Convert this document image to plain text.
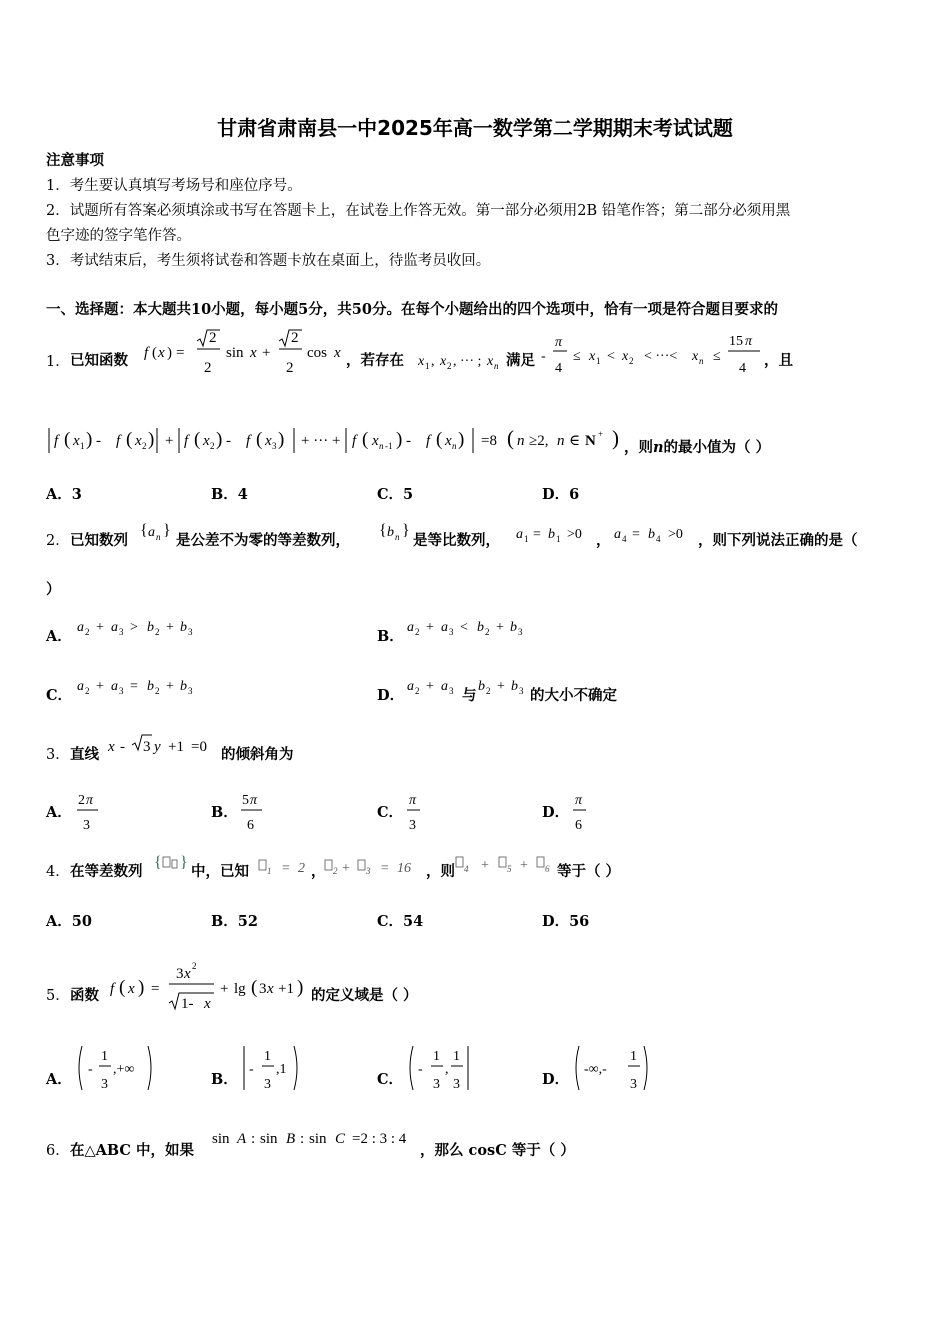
甘肃省肃南县一中2025年高一数学第二学期期末考试试题
注意事项
1．考生要认真填写考场号和座位序号。
2．试题所有答案必须填涂或书写在答题卡上，在试卷上作答无效。第一部分必须用2B 铅笔作答；第二部分必须用黑
色字迹的签字笔作答。
3．考试结束后，考生须将试卷和答题卡放在桌面上，待监考员收回。
一、选择题：本大题共10小题，每小题5分，共50分。在每个小题给出的四个选项中，恰有一项是符合题目要求的
f ( x ) =
2
2
sin x +
2
2
cos x
x 1 , x 2 , ··· ; x n
-
π
4
≤ x 1 < x 2 < ···< x n ≤
15 π
4
f ( x 1 ) - f ( x 2 ) + f ( x 2 ) - f ( x 3 ) + ··· + f ( x n -1 ) - f ( x n ) =8 ( n ≥2, n ∈ N + )
{ a n }	{ b n }	a 1 = b 1 >0 a 4 = b 4 >0
a 2 + a 3 > b 2 + b 3	a 2 + a 3 < b 2 + b 3
a 2 + a 3 = b 2 + b 3	a 2 + a 3 b 2 + b 3
x - 3 y +1 =0
2 π
3
5 π
6
π
3
π
6
{ }	1 = 2	2 + 3 = 16	4 + 5 + 6
f ( x ) =
3 x 2
1- x
+ lg ( 3 x +1 )
-
1
3
,+∞	-
1
3
,1	-
1
3
,
1
3
-∞,-
1
3
sin A : sin B : sin C =2 : 3 : 4
1． 已知函数	，若存在	满足	，且
，则n的最小值为（ ）
A．3	B．4	C．5	D．6
2． 已知数列	是公差不为零的等差数列，	是等比数列，	，	，则下列说法正确的是（
）
A．	B．
C．	D．	与	的大小不确定
3． 直线	的倾斜角为
A．	B．	C．	D．
4． 在等差数列	中，已知	，	，则	等于（ ）
A．50	B．52	C．54	D．56
5． 函数	的定义域是（ ）
A．	B．	C．	D．
6． 在△ABC 中，如果	，那么 cosC 等于（ ）
